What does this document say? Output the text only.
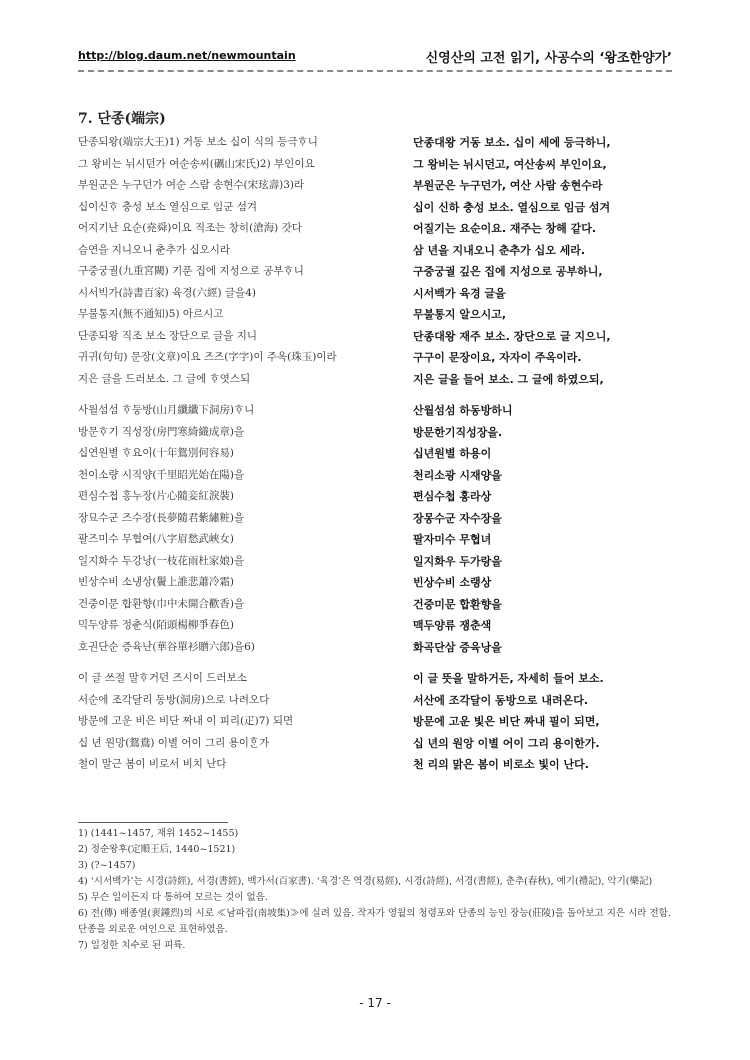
http://blog.daum.net/newmountain	신영산의 고전 읽기, 사공수의 ‘왕조한양가’
7. 단종(端宗)
단종되왕(端宗大王)1) 거동 보소 십이 식의 등극ᄒᆞ니	단종대왕 거동 보소. 십이 세에 등극하니,
그 왕비는 뉘시던가 여순송씨(礪山宋氏)2) 부인이요	그 왕비는 뉘시던고, 여산송씨 부인이요,
부원군은 누구던가 여순 스람 송현수(宋玹壽)3)라	부원군은 누구던가, 여산 사람 송현수라
십이신ᄒᆞ 충성 보소 열심으로 임군 섬겨	십이 신하 충성 보소. 열심으로 임금 섬겨
어지기난 요순(堯舜)이요 직조는 창히(滄海) 갓다	어질기는 요순이요. 재주는 창해 같다.
슴연을 지니오니 춘추가 십오시라	삼 년을 지내오니 춘추가 십오 세라.
구중궁궐(九重宮闕) 기푼 집에 지성으로 공부ᄒᆞ니	구중궁궐 깊은 집에 지성으로 공부하니,
시서빅가(詩書百家) 육경(六經) 글을4)	시서백가 육경 글을
무불통지(無不通知)5) 아르시고	무불통지 알으시고,
단종되왕 직조 보소 장단으로 글을 지니	단종대왕 재주 보소. 장단으로 글 지으니,
귀귀(句句) 문장(文章)이요 즈즈(字字)이 주옥(珠玉)이라	구구이 문장이요, 자자이 주옥이라.
지은 글을 드러보소. 그 글에 ᄒᆞ엿스되	지은 글을 들어 보소. 그 글에 하였으되,
사월섬섬 ᄒᆞ둥방(山月纖纖下洞房)ᄒᆞ니	산월섬섬 하동방하니
방문ᄒᆞ기 직성장(房門寒綺織成章)을	방문한기직성장을.
십연원별 ᄒᆞ요이(十年鴛別何容易)	십년원별 하용이
천이소량 시직양(千里昭光始在陽)을	천리소광 시재양을
편심수첩 홍누장(片心隨妾紅淚裝)	편심수첩 홍라상
장묘수군 즈수장(長夢隨君紫繡粧)을	장몽수군 자수장을
팔즈미수 무협여(八字眉愁武峽女)	팔자미수 무협녀
일지화수 두강낭(一枝花雨杜家娘)을	일지화우 두가랑을
빈상수비 소냉상(鬢上誰悲蕭冷霜)	빈상수비 소랭상
건중이문 합환향(巾中未開合歡香)을	건중미문 합환향을
믹두양류 정춘식(陌頭楊柳爭春色)	맥두양류 쟁춘색
호권단순 증육난(華谷單衫贈六郎)을6)	화곡단삼 증육낭을
이 글 쓰절 말ᄒᆞ거던 즈시이 드러보소	이 글 뜻을 말하거든, 자세히 들어 보소.
서순에 조각달리 동방(洞房)으로 나려오다	서산에 조각달이 동방으로 내려온다.
방문에 고운 비은 비단 짜내 이 피리(疋)7) 되면	방문에 고운 빛은 비단 짜내 필이 되면,
십 년 원망(鴛鴦) 이별 어이 그리 용이ᄒᆞᆫ가	십 년의 원앙 이별 어이 그리 용이한가.
철이 말근 봄이 비로서 비치 난다	천 리의 맑은 봄이 비로소 빛이 난다.
1) (1441~1457, 재위 1452~1455)
2) 정순왕후(定順王后, 1440~1521)
3) (?~1457)
4) ‘시서백가’는 시경(詩經), 서경(書經), 백가서(百家書). ‘육경’은 역경(易經), 시경(詩經), 서경(書經), 춘추(春秋), 예기(禮記), 악기(樂記)
5) 무슨 일이든지 다 통하여 모르는 것이 없음.
6) 전(傳) 배종열(裵鍾烈)의 시로 ≪남파집(南坡集)≫에 실려 있음. 작자가 영월의 청령포와 단종의 능인 장능(莊陵)을 돌아보고 지은 시라 전함. 단종을 외로운 여인으로 표현하였음.
7) 일정한 치수로 된 피륙.
- 17 -
